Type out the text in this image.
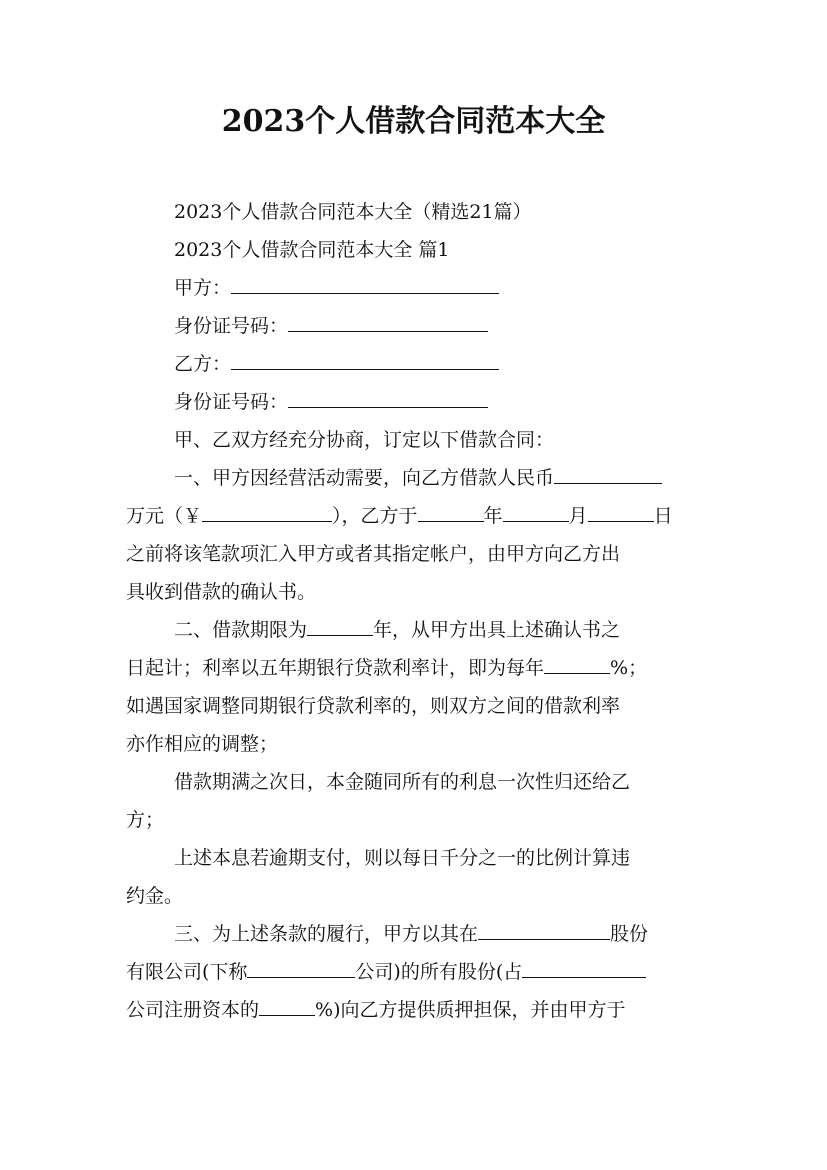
2023个人借款合同范本大全
2023个人借款合同范本大全（精选21篇）
2023个人借款合同范本大全 篇1
甲方：
身份证号码：
乙方：
身份证号码：
甲、乙双方经充分协商，订定以下借款合同：
一、甲方因经营活动需要，向乙方借款人民币
万元（￥	），乙方于	年	月	日
之前将该笔款项汇入甲方或者其指定帐户，由甲方向乙方出
具收到借款的确认书。
二、借款期限为	年，从甲方出具上述确认书之
日起计；利率以五年期银行贷款利率计，即为每年	%；
如遇国家调整同期银行贷款利率的，则双方之间的借款利率
亦作相应的调整；
借款期满之次日，本金随同所有的利息一次性归还给乙
方；
上述本息若逾期支付，则以每日千分之一的比例计算违
约金。
三、为上述条款的履行，甲方以其在	股份
有限公司(下称	公司)的所有股份(占
公司注册资本的	%)向乙方提供质押担保，并由甲方于
